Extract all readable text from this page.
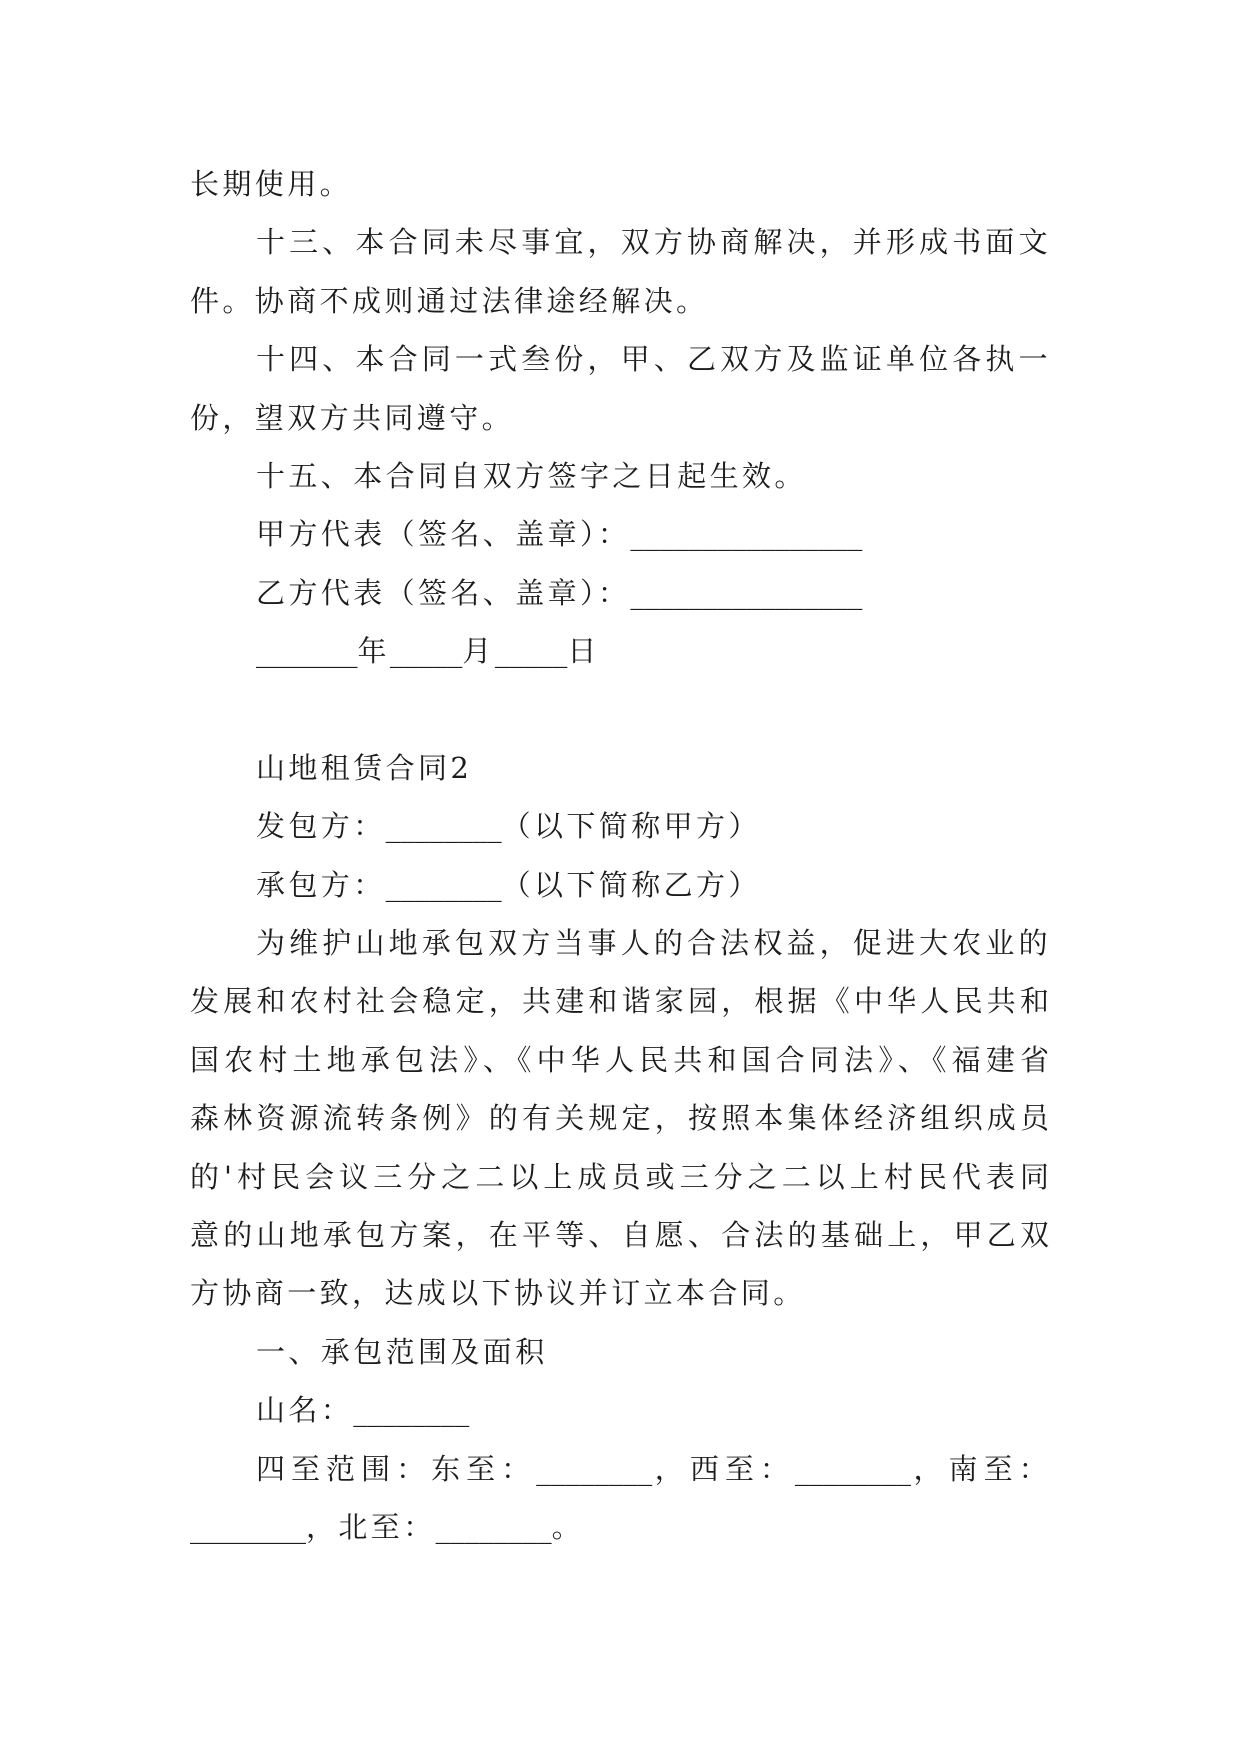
长期使用。
十三、本合同未尽事宜，双方协商解决，并形成书面文
件。协商不成则通过法律途经解决。
十四、本合同一式叁份，甲、乙双方及监证单位各执一
份，望双方共同遵守。
十五、本合同自双方签字之日起生效。
甲方代表（签名、盖章）：________________
乙方代表（签名、盖章）：________________
_______年_____月_____日
山地租赁合同2
发包方：________（以下简称甲方）
承包方：________（以下简称乙方）
为维护山地承包双方当事人的合法权益，促进大农业的
发展和农村社会稳定，共建和谐家园，根据《中华人民共和
国农村土地承包法》、《中华人民共和国合同法》、《福建省
森林资源流转条例》的有关规定，按照本集体经济组织成员
的'村民会议三分之二以上成员或三分之二以上村民代表同
意的山地承包方案，在平等、自愿、合法的基础上，甲乙双
方协商一致，达成以下协议并订立本合同。
一、承包范围及面积
山名：________
四至范围：东至：________，西至：________，南至：
________，北至：________。
